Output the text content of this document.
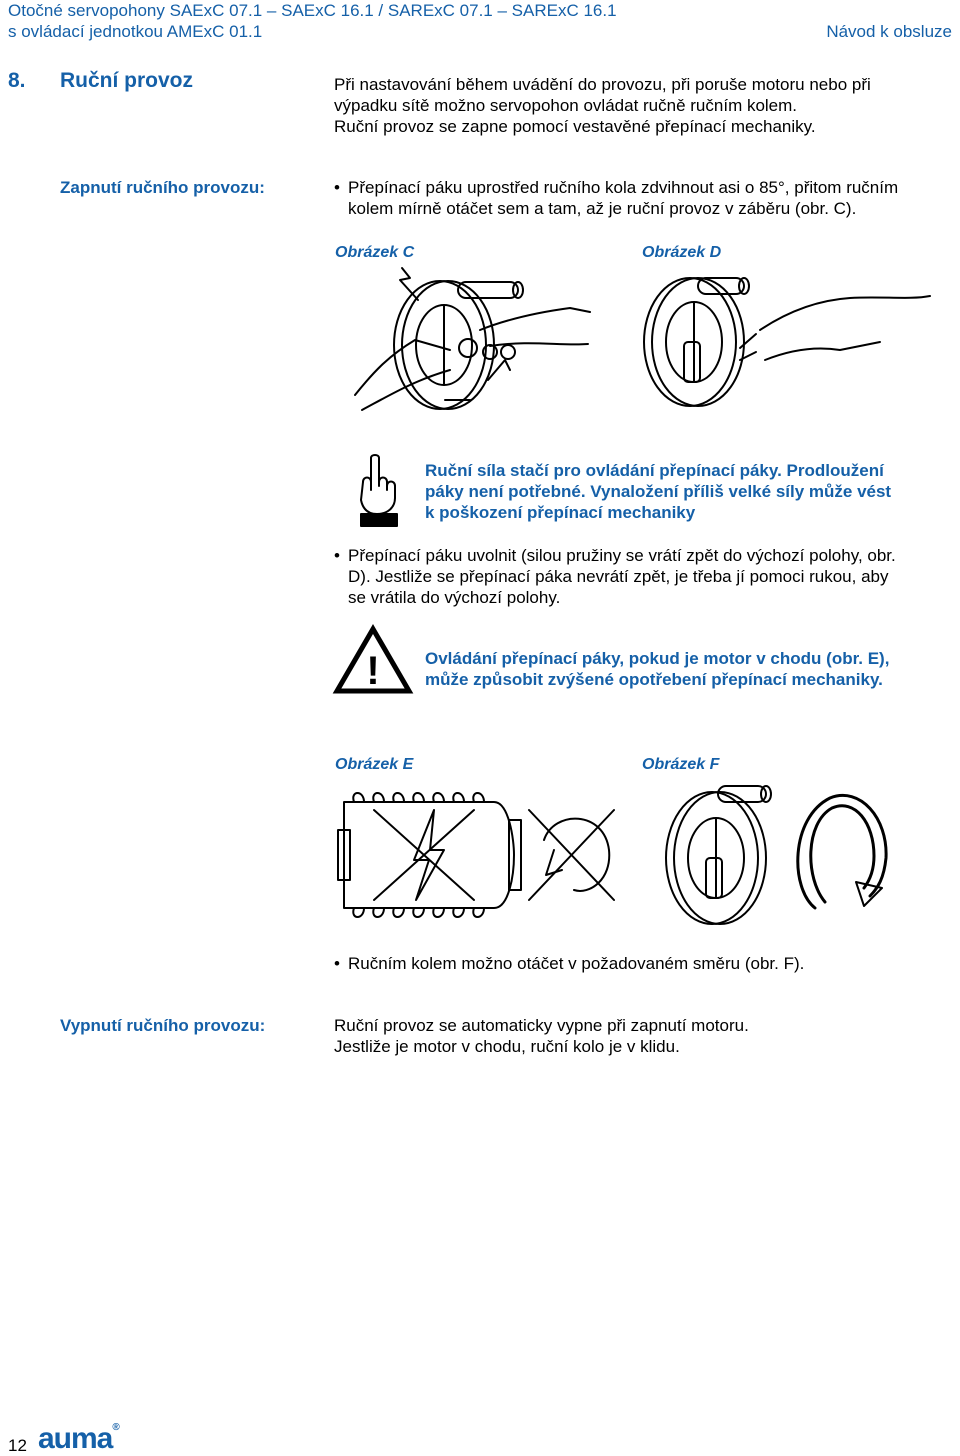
Otočné servopohony SAExC 07.1 – SAExC 16.1 / SARExC 07.1 – SARExC 16.1
s ovládací jednotkou AMExC 01.1	Návod k obsluze
8. Ruční provoz	Při nastavování během uvádění do provozu, při poruše motoru nebo při
výpadku sítě možno servopohon ovládat ručně ručním kolem.
Ruční provoz se zapne pomocí vestavěné přepínací mechaniky.
Zapnutí ručního provozu:	• Přepínací páku uprostřed ručního kola zdvihnout asi o 85°, přitom ručním
kolem mírně otáčet sem a tam, až je ruční provoz v záběru (obr. C).
Obrázek C	Obrázek D
Ruční síla stačí pro ovládání přepínací páky. Prodloužení
páky není potřebné. Vynaložení příliš velké síly může vést
k poškození přepínací mechaniky
• Přepínací páku uvolnit (silou pružiny se vrátí zpět do výchozí polohy, obr.
D). Jestliže se přepínací páka nevrátí zpět, je třeba jí pomoci rukou, aby
se vrátila do výchozí polohy.
!	Ovládání přepínací páky, pokud je motor v chodu (obr. E),
může způsobit zvýšené opotřebení přepínací mechaniky.
Obrázek E	Obrázek F
• Ručním kolem možno otáčet v požadovaném směru (obr. F).
Vypnutí ručního provozu:	Ruční provoz se automaticky vypne při zapnutí motoru.
Jestliže je motor v chodu, ruční kolo je v klidu.
12 auma®
